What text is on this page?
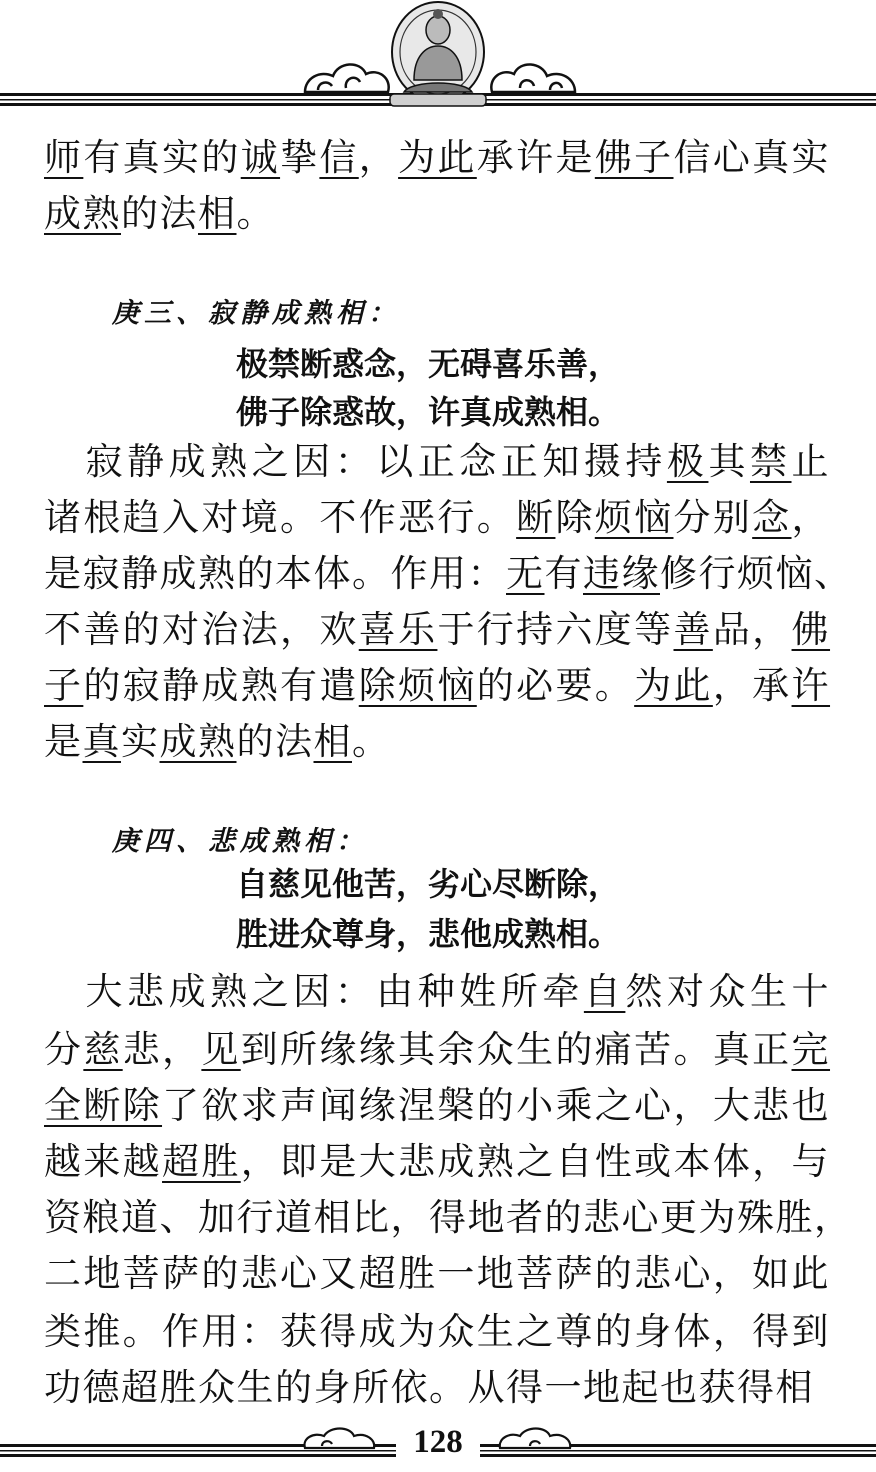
师有真实的诚挚信，为此承许是佛子信心真实
成熟的法相。
庚三、寂静成熟相：
极禁断惑念，无碍喜乐善，
佛子除惑故，许真成熟相。
　寂静成熟之因：以正念正知摄持极其禁止
诸根趋入对境。不作恶行。断除烦恼分别念，
是寂静成熟的本体。作用：无有违缘修行烦恼、
不善的对治法，欢喜乐于行持六度等善品，佛
子的寂静成熟有遣除烦恼的必要。为此，承许
是真实成熟的法相。
庚四、悲成熟相：
自慈见他苦，劣心尽断除，
胜进众尊身，悲他成熟相。
　大悲成熟之因：由种姓所牵自然对众生十
分慈悲，见到所缘缘其余众生的痛苦。真正完
全断除了欲求声闻缘涅槃的小乘之心，大悲也
越来越超胜，即是大悲成熟之自性或本体，与
资粮道、加行道相比，得地者的悲心更为殊胜，
二地菩萨的悲心又超胜一地菩萨的悲心，如此
类推。作用：获得成为众生之尊的身体，得到
功德超胜众生的身所依。从得一地起也获得相
128
